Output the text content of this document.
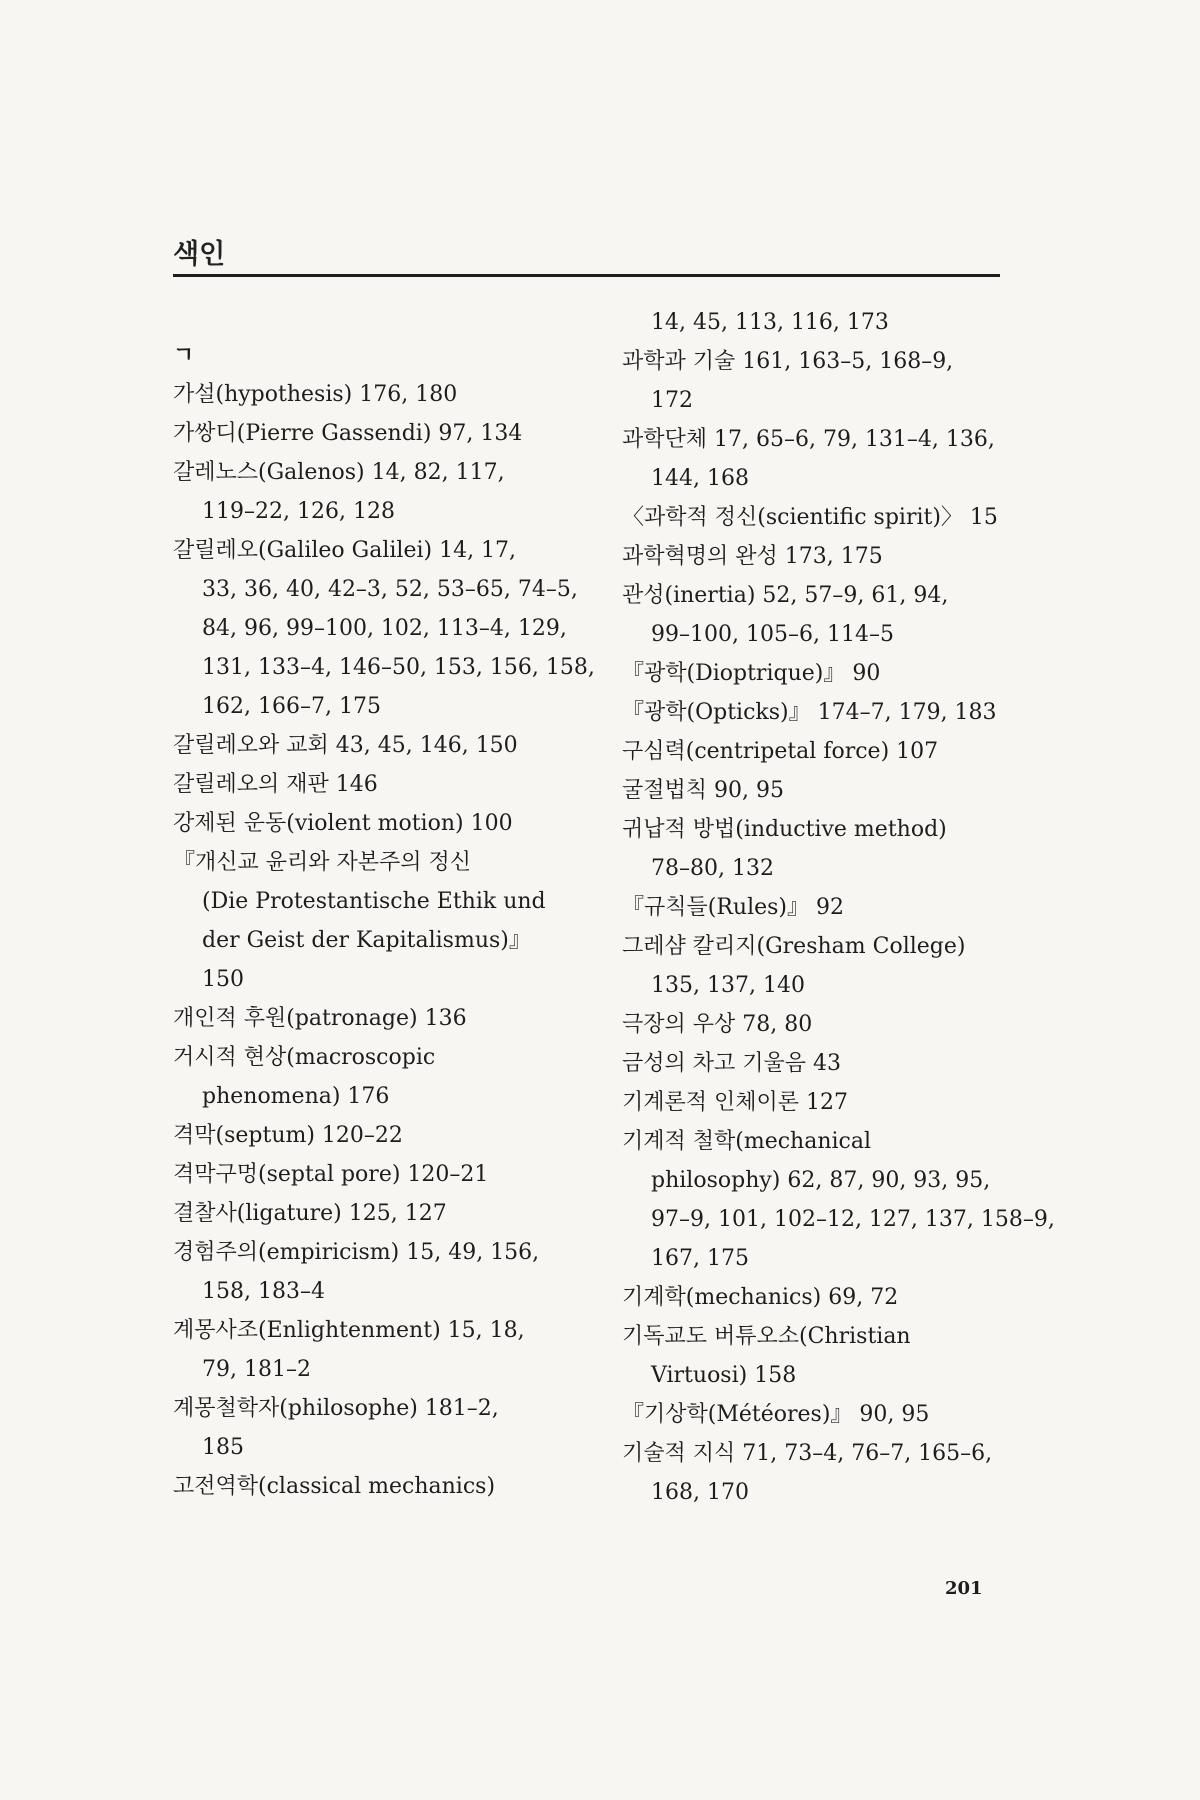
색인
ㄱ
가설(hypothesis) 176, 180
가쌍디(Pierre Gassendi) 97, 134
갈레노스(Galenos) 14, 82, 117,
119–22, 126, 128
갈릴레오(Galileo Galilei) 14, 17,
33, 36, 40, 42–3, 52, 53–65, 74–5,
84, 96, 99–100, 102, 113–4, 129,
131, 133–4, 146–50, 153, 156, 158,
162, 166–7, 175
갈릴레오와 교회 43, 45, 146, 150
갈릴레오의 재판 146
강제된 운동(violent motion) 100
『개신교 윤리와 자본주의 정신
(Die Protestantische Ethik und
der Geist der Kapitalismus)』
150
개인적 후원(patronage) 136
거시적 현상(macroscopic
phenomena) 176
격막(septum) 120–22
격막구멍(septal pore) 120–21
결찰사(ligature) 125, 127
경험주의(empiricism) 15, 49, 156,
158, 183–4
계몽사조(Enlightenment) 15, 18,
79, 181–2
계몽철학자(philosophe) 181–2,
185
고전역학(classical mechanics)
14, 45, 113, 116, 173
과학과 기술 161, 163–5, 168–9,
172
과학단체 17, 65–6, 79, 131–4, 136,
144, 168
〈과학적 정신(scientific spirit)〉 15
과학혁명의 완성 173, 175
관성(inertia) 52, 57–9, 61, 94,
99–100, 105–6, 114–5
『광학(Dioptrique)』 90
『광학(Opticks)』 174–7, 179, 183
구심력(centripetal force) 107
굴절법칙 90, 95
귀납적 방법(inductive method)
78–80, 132
『규칙들(Rules)』 92
그레샴 칼리지(Gresham College)
135, 137, 140
극장의 우상 78, 80
금성의 차고 기울음 43
기계론적 인체이론 127
기계적 철학(mechanical
philosophy) 62, 87, 90, 93, 95,
97–9, 101, 102–12, 127, 137, 158–9,
167, 175
기계학(mechanics) 69, 72
기독교도 버튜오소(Christian
Virtuosi) 158
『기상학(Météores)』 90, 95
기술적 지식 71, 73–4, 76–7, 165–6,
168, 170
201
